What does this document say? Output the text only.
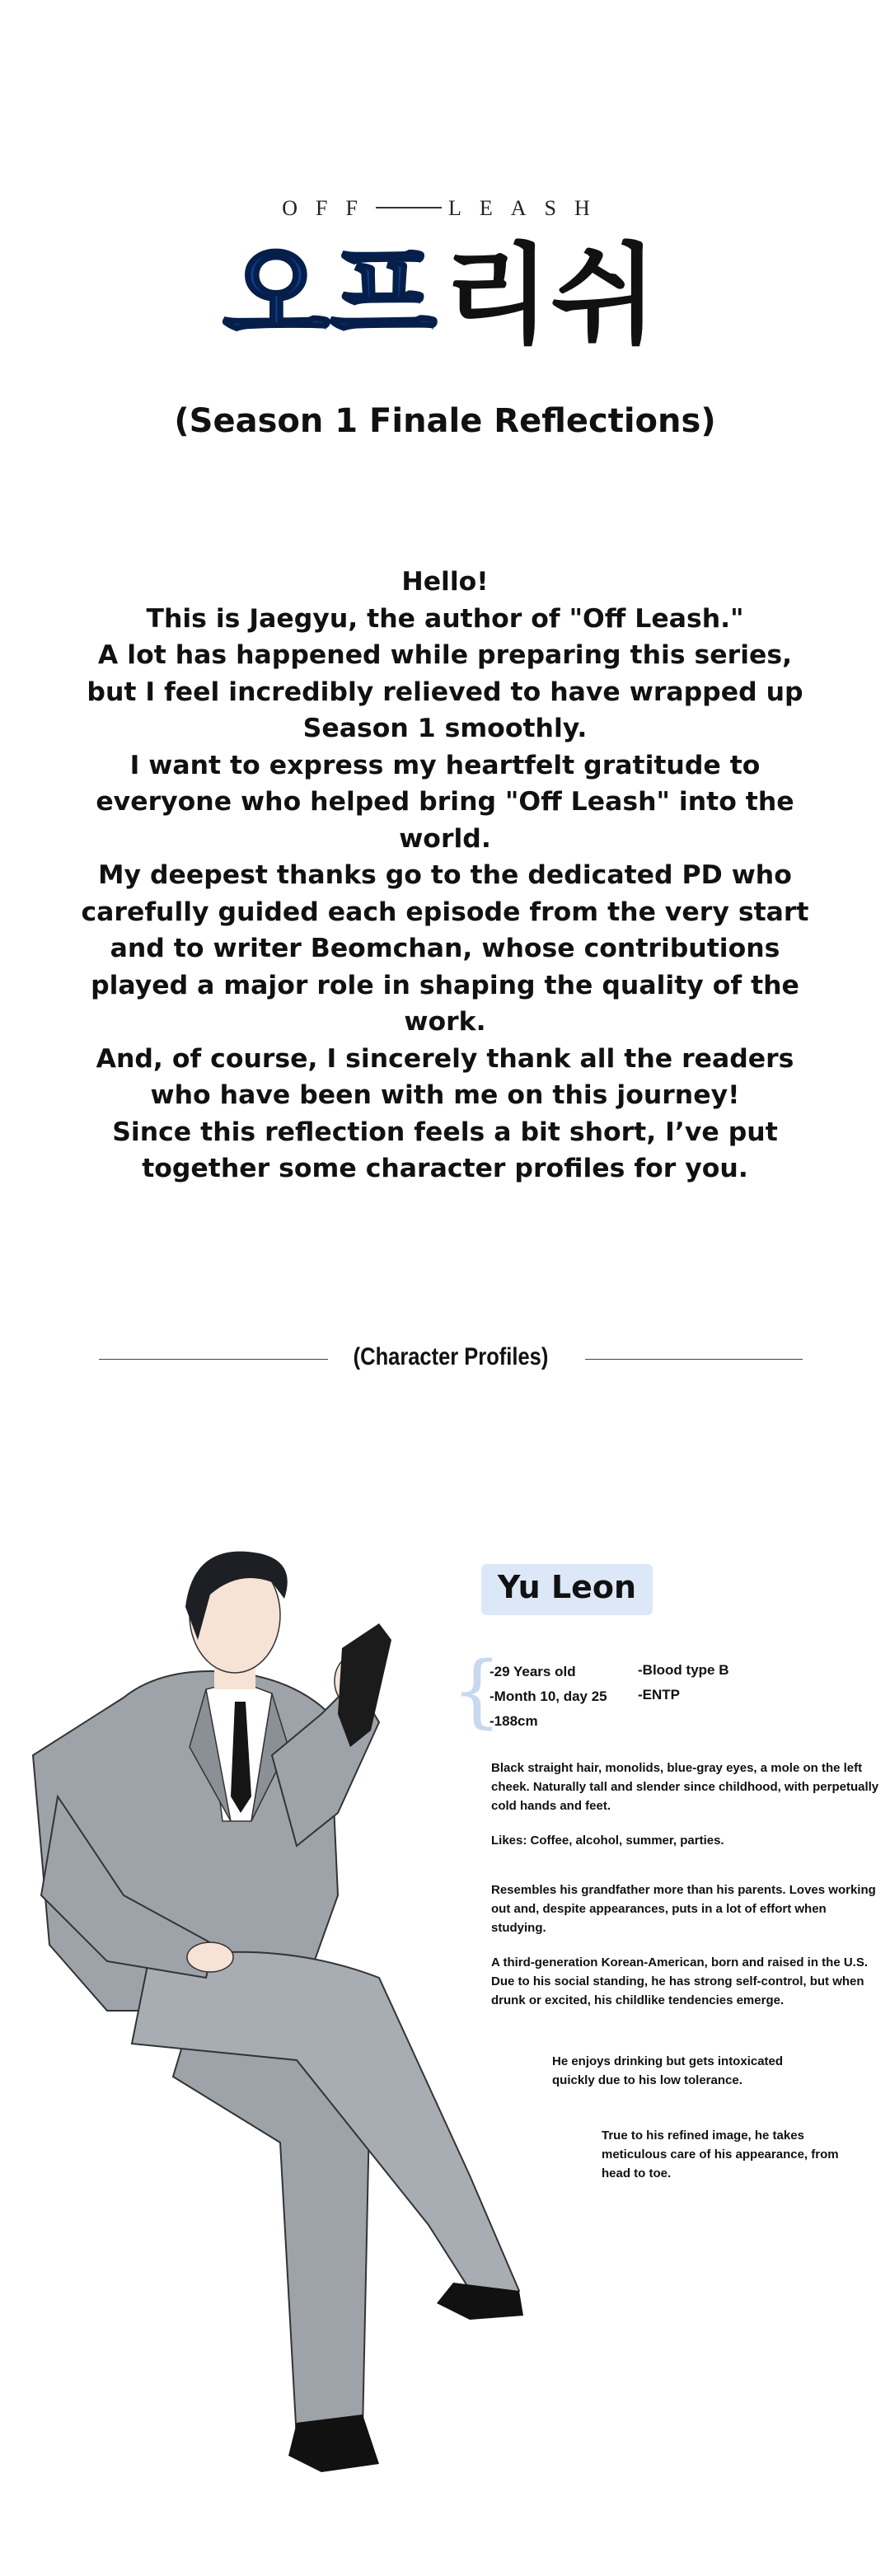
OFF	LEASH
오프 리쉬
(Season 1 Finale Reflections)

Hello!

This is Jaegyu, the author of "Off Leash."

A lot has happened while preparing this series, but I feel incredibly relieved to have wrapped up Season 1 smoothly.

I want to express my heartfelt gratitude to everyone who helped bring "Off Leash" into the world.

My deepest thanks go to the dedicated PD who carefully guided each episode from the very start and to writer Beomchan, whose contributions played a major role in shaping the quality of the work.

And, of course, I sincerely thank all the readers who have been with me on this journey!

Since this reflection feels a bit short, I’ve put together some character profiles for you.

(Character Profiles)
Yu Leon
{
-29 Years old
-Month 10, day 25
-188cm
-Blood type B
-ENTP
Black straight hair, monolids, blue-gray eyes, a mole on the left cheek. Naturally tall and slender since childhood, with perpetually cold hands and feet.
Likes: Coffee, alcohol, summer, parties.
Resembles his grandfather more than his parents. Loves working out and, despite appearances, puts in a lot of effort when studying.
A third-generation Korean-American, born and raised in the U.S. Due to his social standing, he has strong self-control, but when drunk or excited, his childlike tendencies emerge.
He enjoys drinking but gets intoxicated quickly due to his low tolerance.
True to his refined image, he takes meticulous care of his appearance, from head to toe.
